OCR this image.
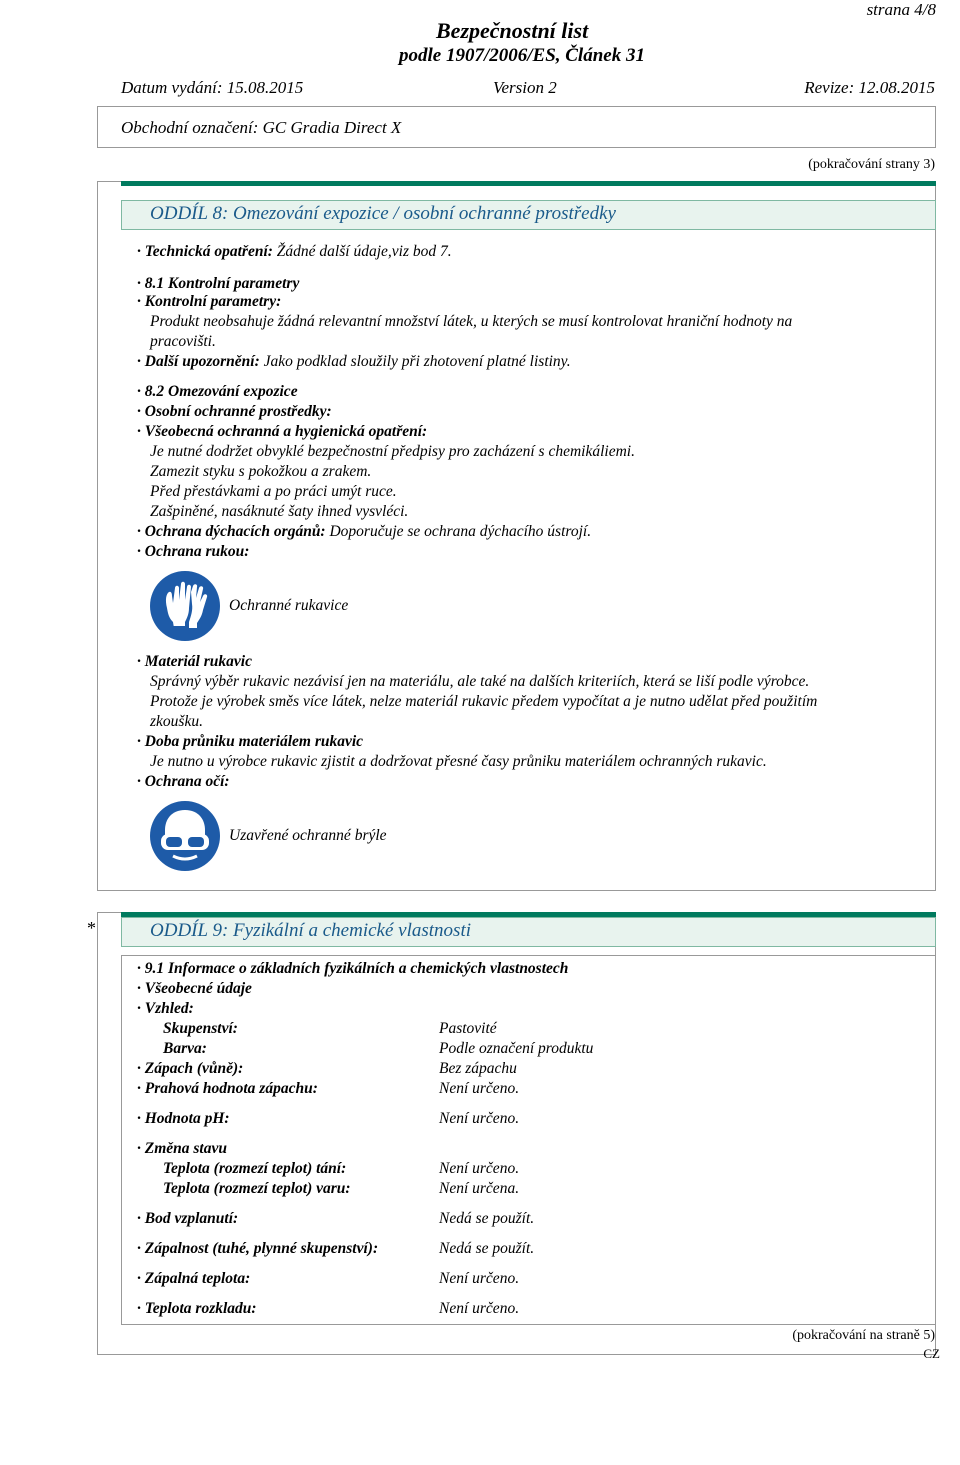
strana 4/8
Bezpečnostní list
podle 1907/2006/ES, Článek 31
Datum vydání: 15.08.2015	Version 2	Revize: 12.08.2015
Obchodní označení: GC Gradia Direct X
(pokračování strany 3)
ODDÍL 8: Omezování expozice / osobní ochranné prostředky
· Technická opatření: Žádné další údaje,viz bod 7.
· 8.1 Kontrolní parametry
· Kontrolní parametry:
Produkt neobsahuje žádná relevantní množství látek, u kterých se musí kontrolovat hraniční hodnoty na
pracovišti.
· Další upozornění: Jako podklad sloužily při zhotovení platné listiny.
· 8.2 Omezování expozice
· Osobní ochranné prostředky:
· Všeobecná ochranná a hygienická opatření:
Je nutné dodržet obvyklé bezpečnostní předpisy pro zacházení s chemikáliemi.
Zamezit styku s pokožkou a zrakem.
Před přestávkami a po práci umýt ruce.
Zašpiněné, nasáknuté šaty ihned vysvléci.
· Ochrana dýchacích orgánů: Doporučuje se ochrana dýchacího ústrojí.
· Ochrana rukou:
Ochranné rukavice
· Materiál rukavic
Správný výběr rukavic nezávisí jen na materiálu, ale také na dalších kriteriích, která se liší podle výrobce.
Protože je výrobek směs více látek, nelze materiál rukavic předem vypočítat a je nutno udělat před použitím
zkoušku.
· Doba průniku materiálem rukavic
Je nutno u výrobce rukavic zjistit a dodržovat přesné časy průniku materiálem ochranných rukavic.
· Ochrana očí:
Uzavřené ochranné brýle
*	ODDÍL 9: Fyzikální a chemické vlastnosti
· 9.1 Informace o základních fyzikálních a chemických vlastnostech
· Všeobecné údaje
· Vzhled:
Skupenství:	Pastovité
Barva:	Podle označení produktu
· Zápach (vůně):	Bez zápachu
· Prahová hodnota zápachu:	Není určeno.
· Hodnota pH:	Není určeno.
· Změna stavu
Teplota (rozmezí teplot) tání:	Není určeno.
Teplota (rozmezí teplot) varu:	Není určena.
· Bod vzplanutí:	Nedá se použít.
· Zápalnost (tuhé, plynné skupenství):	Nedá se použít.
· Zápalná teplota:	Není určeno.
· Teplota rozkladu:	Není určeno.
(pokračování na straně 5)
CZ
